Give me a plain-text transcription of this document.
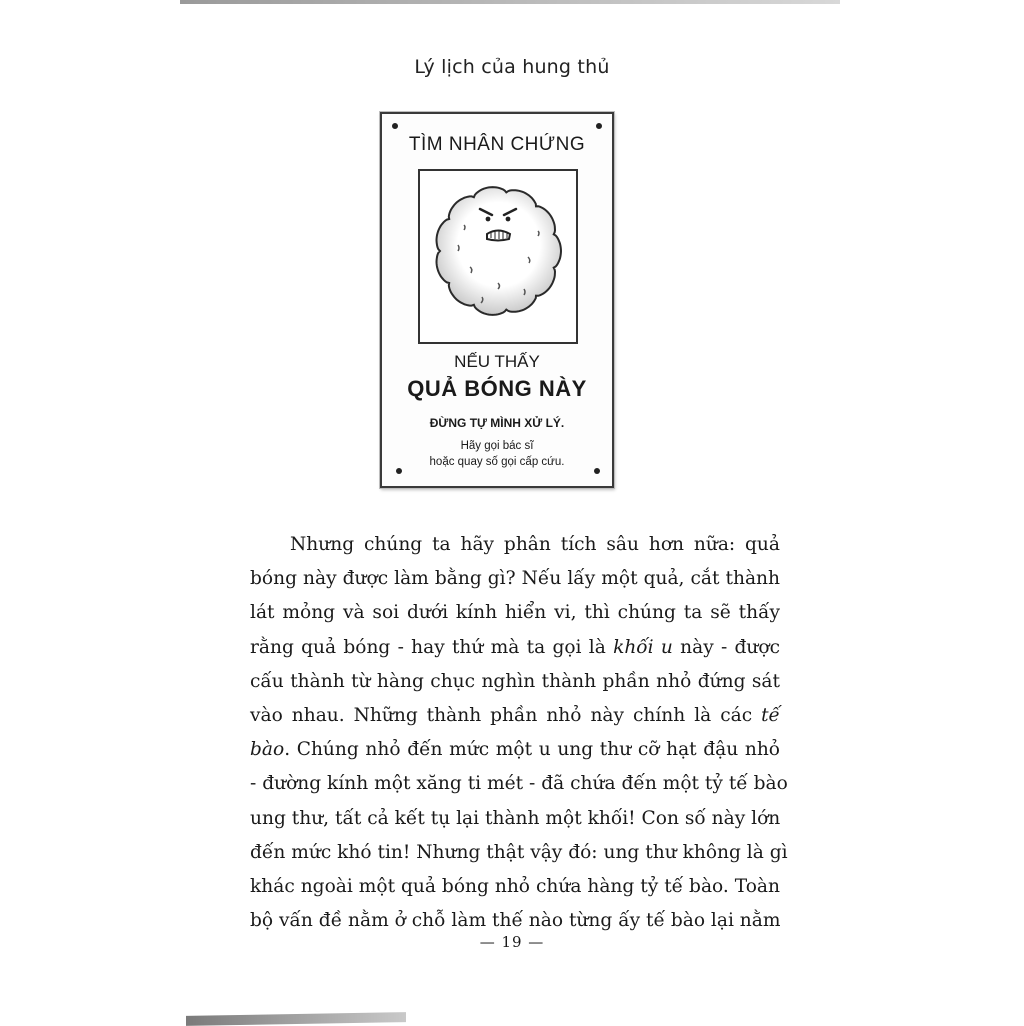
Lý lịch của hung thủ
TÌM NHÂN CHỨNG
NẾU THẤY
QUẢ BÓNG NÀY
ĐỪNG TỰ MÌNH XỬ LÝ.
Hãy gọi bác sĩ
hoặc quay số gọi cấp cứu.
Nhưng chúng ta hãy phân tích sâu hơn nữa: quả
bóng này được làm bằng gì? Nếu lấy một quả, cắt thành
lát mỏng và soi dưới kính hiển vi, thì chúng ta sẽ thấy
rằng quả bóng - hay thứ mà ta gọi là khối u này - được
cấu thành từ hàng chục nghìn thành phần nhỏ đứng sát
vào nhau. Những thành phần nhỏ này chính là các tế
bào. Chúng nhỏ đến mức một u ung thư cỡ hạt đậu nhỏ
- đường kính một xăng ti mét - đã chứa đến một tỷ tế bào
ung thư, tất cả kết tụ lại thành một khối! Con số này lớn
đến mức khó tin! Nhưng thật vậy đó: ung thư không là gì
khác ngoài một quả bóng nhỏ chứa hàng tỷ tế bào. Toàn
bộ vấn đề nằm ở chỗ làm thế nào từng ấy tế bào lại nằm
— 19 —
